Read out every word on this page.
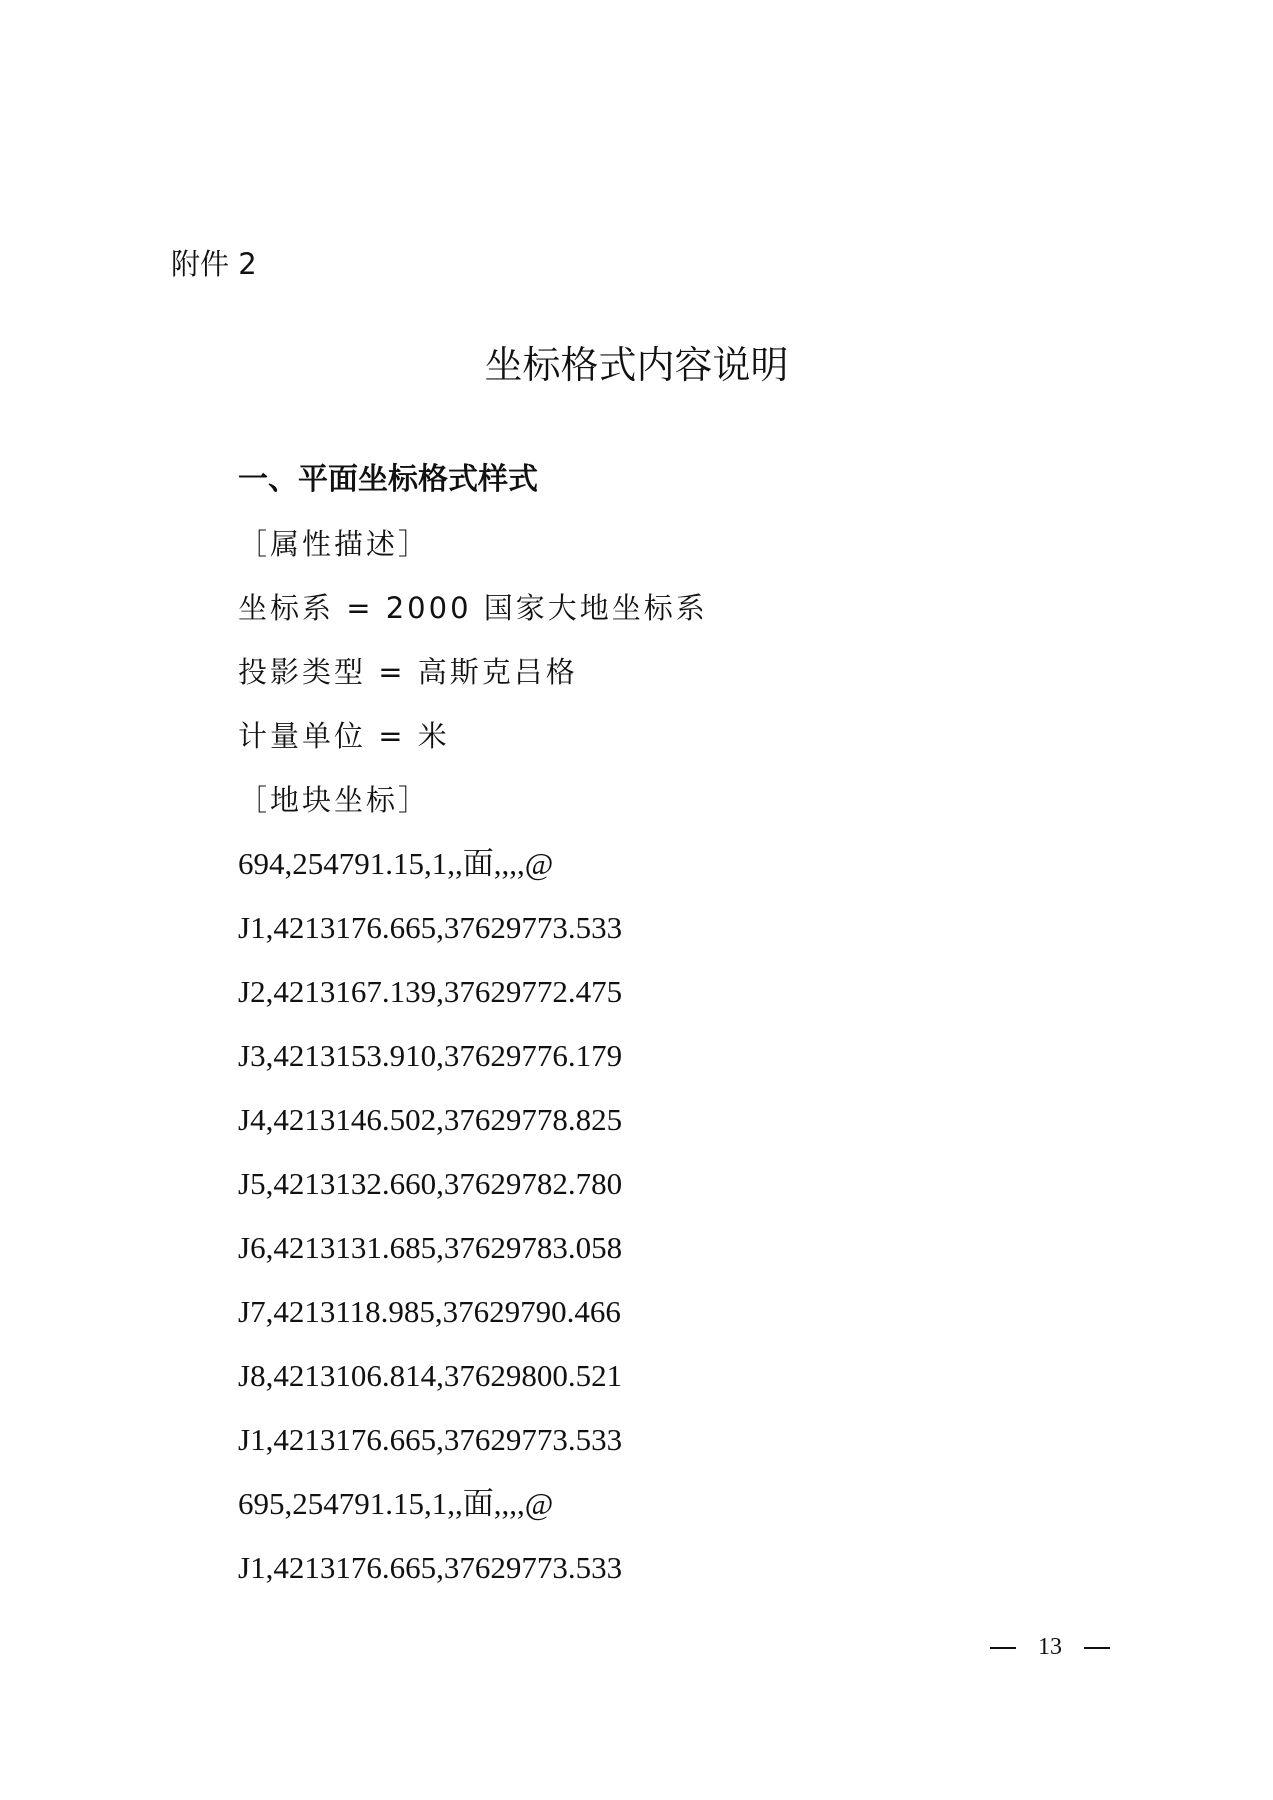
附件 2
坐标格式内容说明
一、平面坐标格式样式
［属性描述］
坐标系 = 2000 国家大地坐标系
投影类型 = 高斯克吕格
计量单位 = 米
［地块坐标］
694,254791.15,1,,面,,,,@
J1,4213176.665,37629773.533
J2,4213167.139,37629772.475
J3,4213153.910,37629776.179
J4,4213146.502,37629778.825
J5,4213132.660,37629782.780
J6,4213131.685,37629783.058
J7,4213118.985,37629790.466
J8,4213106.814,37629800.521
J1,4213176.665,37629773.533
695,254791.15,1,,面,,,,@
J1,4213176.665,37629773.533
13
